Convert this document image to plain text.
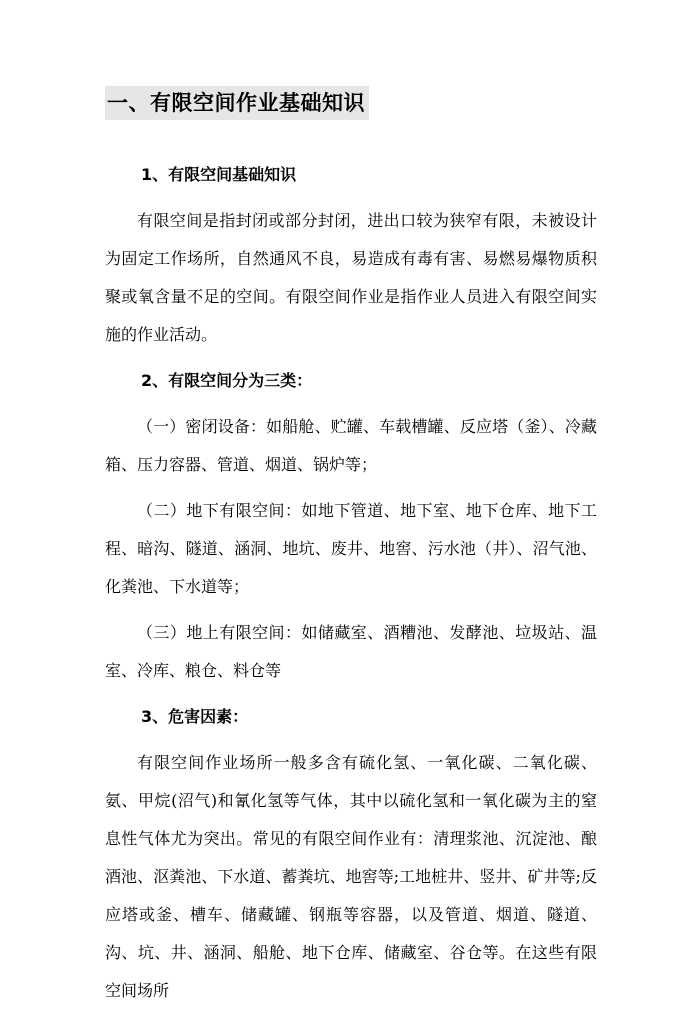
一、有限空间作业基础知识
1、有限空间基础知识

有限空间是指封闭或部分封闭，进出口较为狭窄有限，未被设计为固定工作场所，自然通风不良，易造成有毒有害、易燃易爆物质积聚或氧含量不足的空间。有限空间作业是指作业人员进入有限空间实施的作业活动。

2、有限空间分为三类：

（一）密闭设备：如船舱、贮罐、车载槽罐、反应塔（釜）、冷藏箱、压力容器、管道、烟道、锅炉等；

（二）地下有限空间：如地下管道、地下室、地下仓库、地下工程、暗沟、隧道、涵洞、地坑、废井、地窖、污水池（井）、沼气池、化粪池、下水道等；

（三）地上有限空间：如储藏室、酒糟池、发酵池、垃圾站、温室、冷库、粮仓、料仓等

3、危害因素：

有限空间作业场所一般多含有硫化氢、一氧化碳、二氧化碳、氨、甲烷(沼气)和氰化氢等气体，其中以硫化氢和一氧化碳为主的窒息性气体尤为突出。常见的有限空间作业有：清理浆池、沉淀池、酿酒池、沤粪池、下水道、蓄粪坑、地窖等;工地桩井、竖井、矿井等;反应塔或釜、槽车、储藏罐、钢瓶等容器，以及管道、烟道、隧道、沟、坑、井、涵洞、船舱、地下仓库、储藏室、谷仓等。在这些有限空间场所
